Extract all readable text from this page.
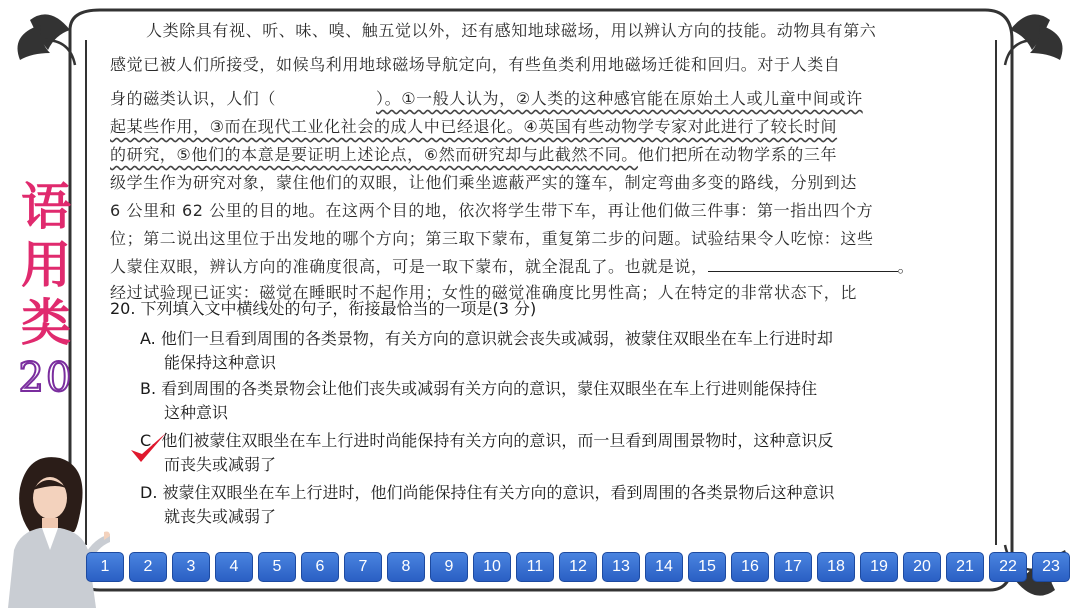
人类除具有视、听、味、嗅、触五觉以外，还有感知地球磁场，用以辨认方向的技能。动物具有第六
感觉已被人们所接受，如候鸟利用地球磁场导航定向，有些鱼类利用地磁场迁徙和回归。对于人类自
身的磁类认识，人们（	）。①一般人认为，②人类的这种感官能在原始土人或儿童中间或许
起某些作用，③而在现代工业化社会的成人中已经退化。④英国有些动物学专家对此进行了较长时间
的研究，⑤他们的本意是要证明上述论点，⑥然而研究却与此截然不同。他们把所在动物学系的三年
级学生作为研究对象，蒙住他们的双眼，让他们乘坐遮蔽严实的篷车，制定弯曲多变的路线，分别到达
6 公里和 62 公里的目的地。在这两个目的地，依次将学生带下车，再让他们做三件事：第一指出四个方
位；第二说出这里位于出发地的哪个方向；第三取下蒙布，重复第二步的问题。试验结果令人吃惊：这些
人蒙住双眼，辨认方向的准确度很高，可是一取下蒙布，就全混乱了。也就是说，	。
经过试验现已证实：磁觉在睡眠时不起作用；女性的磁觉准确度比男性高；人在特定的非常状态下，比
20. 下列填入文中横线处的句子，衔接最恰当的一项是(3 分)
A. 他们一旦看到周围的各类景物，有关方向的意识就会丧失或减弱，被蒙住双眼坐在车上行进时却
能保持这种意识
B. 看到周围的各类景物会让他们丧失或减弱有关方向的意识，蒙住双眼坐在车上行进则能保持住
这种意识
C. 他们被蒙住双眼坐在车上行进时尚能保持有关方向的意识，而一旦看到周围景物时，这种意识反
而丧失或减弱了
D. 被蒙住双眼坐在车上行进时，他们尚能保持住有关方向的意识，看到周围的各类景物后这种意识
就丧失或减弱了
语
用
类
20
1	2	3	4	5	6	7	8	9	10	11	12	13	14	15	16	17	18	19	20	21	22	23
